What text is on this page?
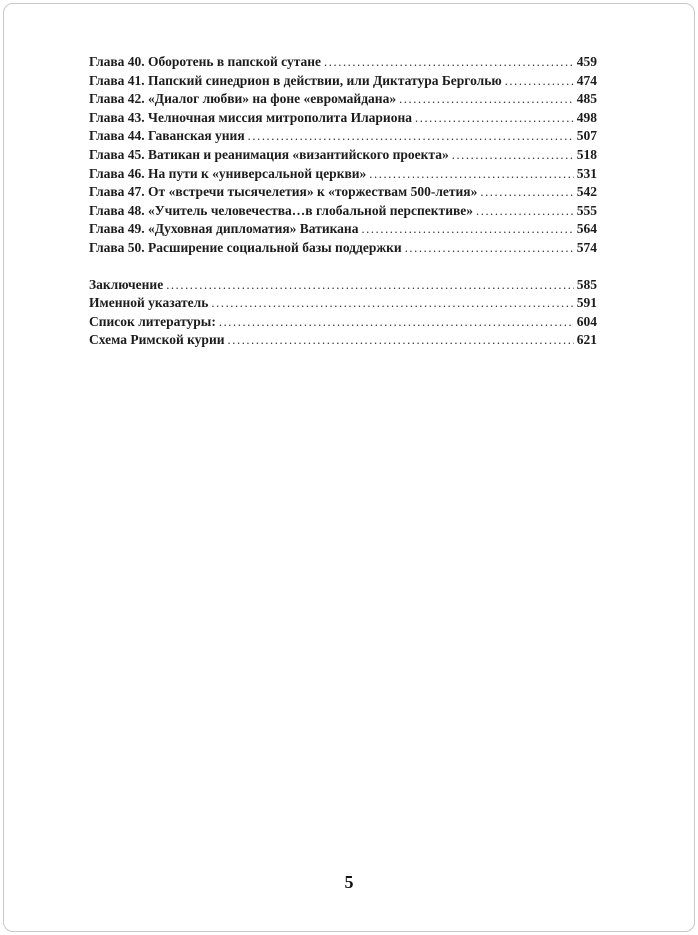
Глава 40. Оборотень в папской сутане .....	459
Глава 41. Папский синедрион в действии, или Диктатура Берголью .....	474
Глава 42. «Диалог любви» на фоне «евромайдана» .....	485
Глава 43. Челночная миссия митрополита Илариона .....	498
Глава 44. Гаванская уния .....	507
Глава 45. Ватикан и реанимация «византийского проекта» .....	518
Глава 46. На пути к «универсальной церкви» .....	531
Глава 47. От «встречи тысячелетия» к «торжествам 500-летия» .....	542
Глава 48. «Учитель человечества…в глобальной перспективе» .....	555
Глава 49. «Духовная дипломатия» Ватикана .....	564
Глава 50. Расширение социальной базы поддержки .....	574
Заключение .....	585
Именной указатель .....	591
Список литературы: .....	604
Схема Римской курии .....	621
5
